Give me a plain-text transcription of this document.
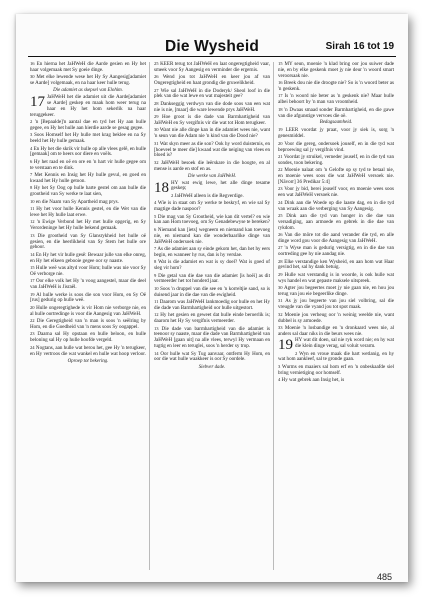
Die Wysheid	Sirah 16 tot 19

16 En hierna het JaHWeH die Aarde gesien en Hy het haar volgemaak met Sy goeie dinge.

30 Met elke lewende wese het Hy Sy Aangesig[adamiet se Aarde] volgemaak, en na haar keer hulle terug.

Die adamiet as skepsel van Elohim.

17 JaHWeH het die adamiet uit die Aarde[adamiet se Aarde] geskep en maak hom weer terug na haar en Hy het hom sekerlik na haar teruggekeer.

2 'n [Bepaalde]'n aantal dae en tyd het Hy aan hulle gegee, en Hy het hulle aan hierdie aarde se gesag gegee.

3 Soos Homself het Hy hulle met krag beklee en na Sy beeld het Hy hulle gemaak.

4 En Hy het die skrik vir hulle op alle vlees gelê, en hulle [gemaak] om te heers oor diere en voëls.

6 Hy het raad en oë en ore en 'n hart vir hulle gegee om te verstaan en te dink.

7 Met Kennis en Insig het Hy hulle gevul, en goed en kwaad het Hy hulle getoon.

8 Hy het Sy Oog op hulle harte gestel om aan hulle die grootheid van Sy werke te laat sien,

10 en die Naam van Sy Apartheid mag prys.

11 Hy het voor hulle Kennis gestel, en die Wet van die lewe het Hy hulle laat erwe.

12 'n Ewige Verbond het Hy met hulle opgerig, en Sy Verordeninge het Hy hulle bekend gemaak.

13 Die grootheid van Sy Glansrykheid het hulle oë gesien, en die heerlikheid van Sy Stem het hulle ore gehoor.

14 En Hy het vir hulle gesê: Bewaar julle van elke onreg, en Hy het elkeen gebooie gegee oor sy naaste.

15 Hulle weë was altyd voor Hom; hulle was nie voor Sy Oë verborge nie.

17 Oor elke volk het Hy 'n voog aangestel, maar die deel van JaHWeH is Jisraël.

19 Al hulle werke is soos die son voor Hom, en Sy Oë [rus] gedurig op hulle weë.

20 Hulle ongeregtighede is vir Hom nie verborge nie, en al hulle oortredinge is voor die Aangesig van JaHWeH.

22 Die Geregtigheid van 'n man is soos 'n seëlring by Hom, en die Goedheid van 'n mens soos Sy oogappel.

23 Daarna sal Hy opstaan en hulle beloon, en hulle beloning sal Hy op hulle hoofde vergeld.

24 Nogtans, aan hulle wat berou het, gee Hy 'n terugkeer, en Hy vertroos die wat wankel en hulle wat hoop verloor.

Oproep tot bekering.

25 KEER terug tot JaHWeH en laat ongeregtigheid vaar, smeek voor Sy Aangesig en verminder die ergernis.

26 Wend jou tot JaHWeH en keer jou af van Ongeregtigheid en haat grondig die gruwelikheid.

27 Wie sal JaHWeH in die Doderyk/ Sheol loof in die plek van die wat lewe en wat majesteit gee?

28 Dankseggig verdwyn van die dode soos van een wat nie is nie, [maar] die ware lewende prys JaHWeH.

29 Hoe groot is die dade van Barmhartigheid van JaHWeH en Sy vergifnis vir die wat tot Hom terugkeer.

30 Want nie alle dinge kan in die adamiet wees nie, want 'n seun van die Adam nie 'n kind van die Dood nie?

31 Wat skyn meer as die son? Ook hy word duisternis, en [hoeveel te meer die] kwaad wat die neiging van vlees en bloed is?

32 JaHWeH besoek die leërskare in die hoogte, en al mense is aarde en stof en as.

Die werke van JaHWeH.

18 HY wat ewig lewe, het alle dinge tesame geskep;

2 JaHWeH alleen is die Regverdige.

4 Wie is in staat om Sy werke te beskryf, en wie sal Sy magtige dade naspoor?

5 Die mag van Sy Grootheid, wie kan dit vertel? en wie kan aan Hom toevoeg, om Sy Genadebewyse te bereken?

6 Niemand kan [iets] wegneem en niemand kan toevoeg nie, en niemand kan die wonderbaarlike dinge van JaHWeH ondersoek nie.

7 As die adamiet aan sy einde gekom het, dan het hy eers begin, en wanneer hy rus, dan is hy verslae.

8 Wat is die adamiet en wat is sy doel? Wat is goed of sleg vir hom?

9 Die getal van die dae van die adamiet [is hoëi] as dit vermeerder het tot honderd jaar.

10 Soos 'n druppel van die see en 'n korreltjie sand, so is duisend jaar in die dae van die ewigheid.

11 Daarom was JaHWeH lankmoedig oor hulle en het Hy die dade van Barmhartigheid oor hulle uitgestort.

12 Hy het gesien en geweet dat hulle einde beroerlik is; daarom het Hy Sy vergifnis vermeerder.

13 Die dade van barmhartigheid van die adamiet is teenoor sy naaste, maar die dade van Barmhartigheid van JaHWeH [gaan uit] na alle vlees, terwyl Hy vermaan en tugtig en leer en teruglei, soos 'n herder sy trop.

14 Oor hulle wat Sy Tug aanvaar, ontferm Hy Hom, en oor die wat hulle waakkeer is oor Sy oordele.

Siebver dade.

15 MY seun, moenie 'n klad bring oor jou suiwer dade nie, en by elke geskenk moet jy nie deur 'n woord smart veroorsaak nie.

16 Breek dou nie die droogte nie? So is 'n woord beter as 'n geskenk.

17 Is 'n woord nie beter as 'n geskenk nie? Maar hulle albei behoort by 'n man van vroomheid.

18 'n Dwaas smaad sonder Barmhartigheid, en die gawe van die afgunstige vervoes die oë.

Bedagsaamheid.

19 LEER voordat jy praat, voor jy siek is, sorg 'n genesmiddel.

20 Voor die gereg, ondersoek jouself, en in die tyd wat beproewing sal jy vergifnis vind.

21 Voordat jy struikel, verneder jouself, en in die tyd van sondes, toon bekering.

22 Moenie nalaat om 'n Gelofte op sy tyd te betaal nie, en moenie wees soos die wat JaHWeH versoek nie. [Nävorr] 36 Predikar 5:4]

23 Voor jy bid, berei jouself voor, en moenie wees soos een wat JaHWeH versoek nie.

24 Dink aan die Woede op die laaste dag, en in die tyd van wraak aan die verberging van Sy Aangesig.

25 Dink aan die tyd van honger in die dae van versadiging, aan armoede en gebrek in die dae van rykdom.

26 Van die môre tot die aand verander die tyd, en alle dinge word gou voor die Aangesig van JaHWeH.

27 'n Wyse man is gedurig versigtig, en in die dae van oortreding gee hy nie aandag nie.

28 Elke verstandige ken Wysheid, en aan hom wat Haar gevind het, sal hy dank betuig.

29 Hulle wat verstandig is in woorde, is ook hulle wat wys handel en wat gepaste maksele uitspreek.

30 Agter jou begeertes moet jy nie gaan nie, en hou jou terug van jou eie begeerlike dinge.

31 As jy jou begeerte van jou siel volbring, sal die vreugde van die vyand jou tot spot maak.

32 Moenie jou verheug oor 'n weinig weelde nie, want dubbel is sy armoede.

33 Moenie 'n losbandige en 'n dronkaard wees nie, al anders sal daar niks in die beurs wees nie.

19 HY wat dit doen, sal nie ryk word nie; en hy wat die klein dinge verag, sal voluit verarm.

2 Wyn en vroue maak die hart wetlanig, en hy wat hom aankleef, sal te gronde gaan.

3 Wurms en maaiers sal hom erf en 'n onbeskaafde siel bring vernietiging oor homself.

4 Hy wat gebrek aan Insig het, is

485
